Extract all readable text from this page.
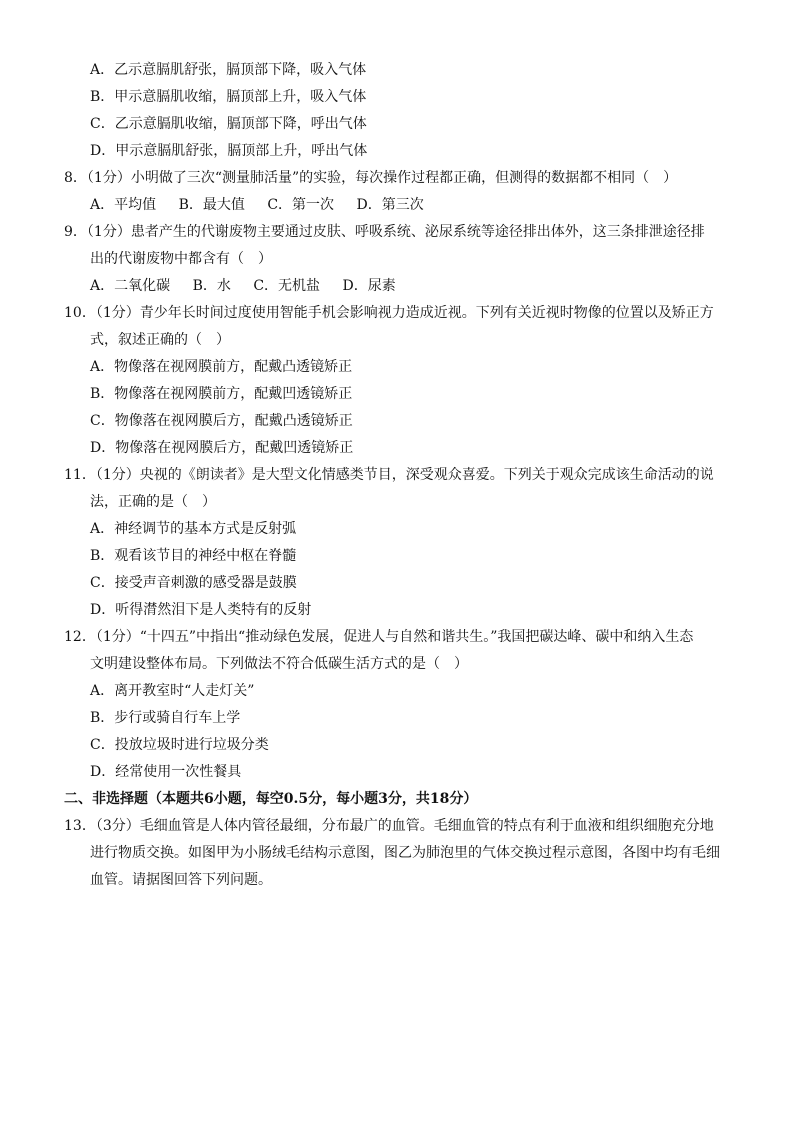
A．乙示意膈肌舒张，膈顶部下降，吸入气体
B．甲示意膈肌收缩，膈顶部上升，吸入气体
C．乙示意膈肌收缩，膈顶部下降，呼出气体
D．甲示意膈肌舒张，膈顶部上升，呼出气体
8．（1分）小明做了三次“测量肺活量”的实验，每次操作过程都正确，但测得的数据都不相同（　）
A．平均值 B．最大值 C．第一次 D．第三次
9．（1分）患者产生的代谢废物主要通过皮肤、呼吸系统、泌尿系统等途径排出体外，这三条排泄途径排
出的代谢废物中都含有（　）
A．二氧化碳 B．水 C．无机盐 D．尿素
10．（1分）青少年长时间过度使用智能手机会影响视力造成近视。下列有关近视时物像的位置以及矫正方
式，叙述正确的（　）
A．物像落在视网膜前方，配戴凸透镜矫正
B．物像落在视网膜前方，配戴凹透镜矫正
C．物像落在视网膜后方，配戴凸透镜矫正
D．物像落在视网膜后方，配戴凹透镜矫正
11．（1分）央视的《朗读者》是大型文化情感类节目，深受观众喜爱。下列关于观众完成该生命活动的说
法，正确的是（　）
A．神经调节的基本方式是反射弧
B．观看该节目的神经中枢在脊髓
C．接受声音刺激的感受器是鼓膜
D．听得潸然泪下是人类特有的反射
12．（1分）“十四五”中指出“推动绿色发展，促进人与自然和谐共生。”我国把碳达峰、碳中和纳入生态
文明建设整体布局。下列做法不符合低碳生活方式的是（　）
A．离开教室时“人走灯关”
B．步行或骑自行车上学
C．投放垃圾时进行垃圾分类
D．经常使用一次性餐具
二、非选择题（本题共6小题，每空0.5分，每小题3分，共18分）
13．（3分）毛细血管是人体内管径最细，分布最广的血管。毛细血管的特点有利于血液和组织细胞充分地
进行物质交换。如图甲为小肠绒毛结构示意图，图乙为肺泡里的气体交换过程示意图，各图中均有毛细
血管。请据图回答下列问题。
